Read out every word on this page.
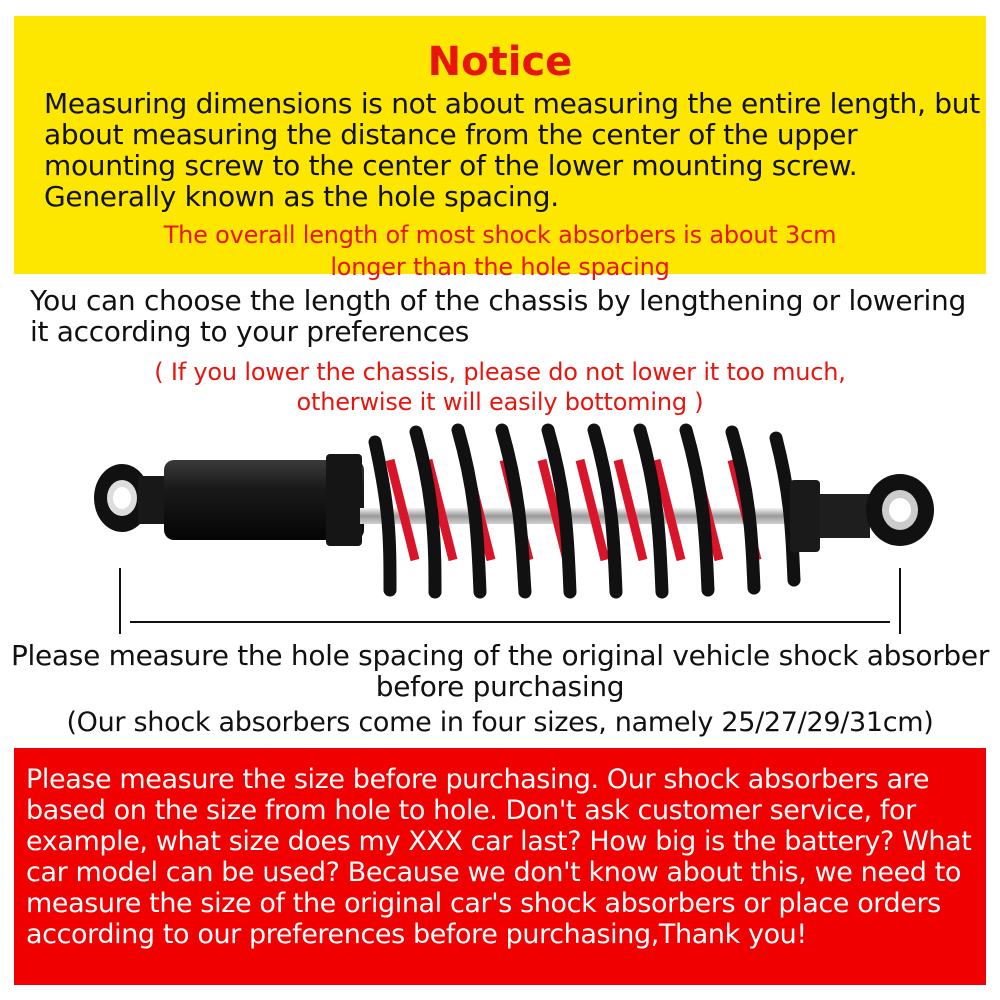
Notice
Measuring dimensions is not about measuring the entire length, but about measuring the distance from the center of the upper mounting screw to the center of the lower mounting screw. Generally known as the hole spacing.
The overall length of most shock absorbers is about 3cm
longer than the hole spacing
You can choose the length of the chassis by lengthening or lowering it according to your preferences
( If you lower the chassis, please do not lower it too much,
otherwise it will easily bottoming )
Please measure the hole spacing of the original vehicle shock absorber
before purchasing
(Our shock absorbers come in four sizes, namely 25/27/29/31cm)
Please measure the size before purchasing. Our shock absorbers are based on the size from hole to hole. Don't ask customer service, for example, what size does my XXX car last? How big is the battery? What car model can be used? Because we don't know about this, we need to measure the size of the original car's shock absorbers or place orders according to our preferences before purchasing,Thank you!
